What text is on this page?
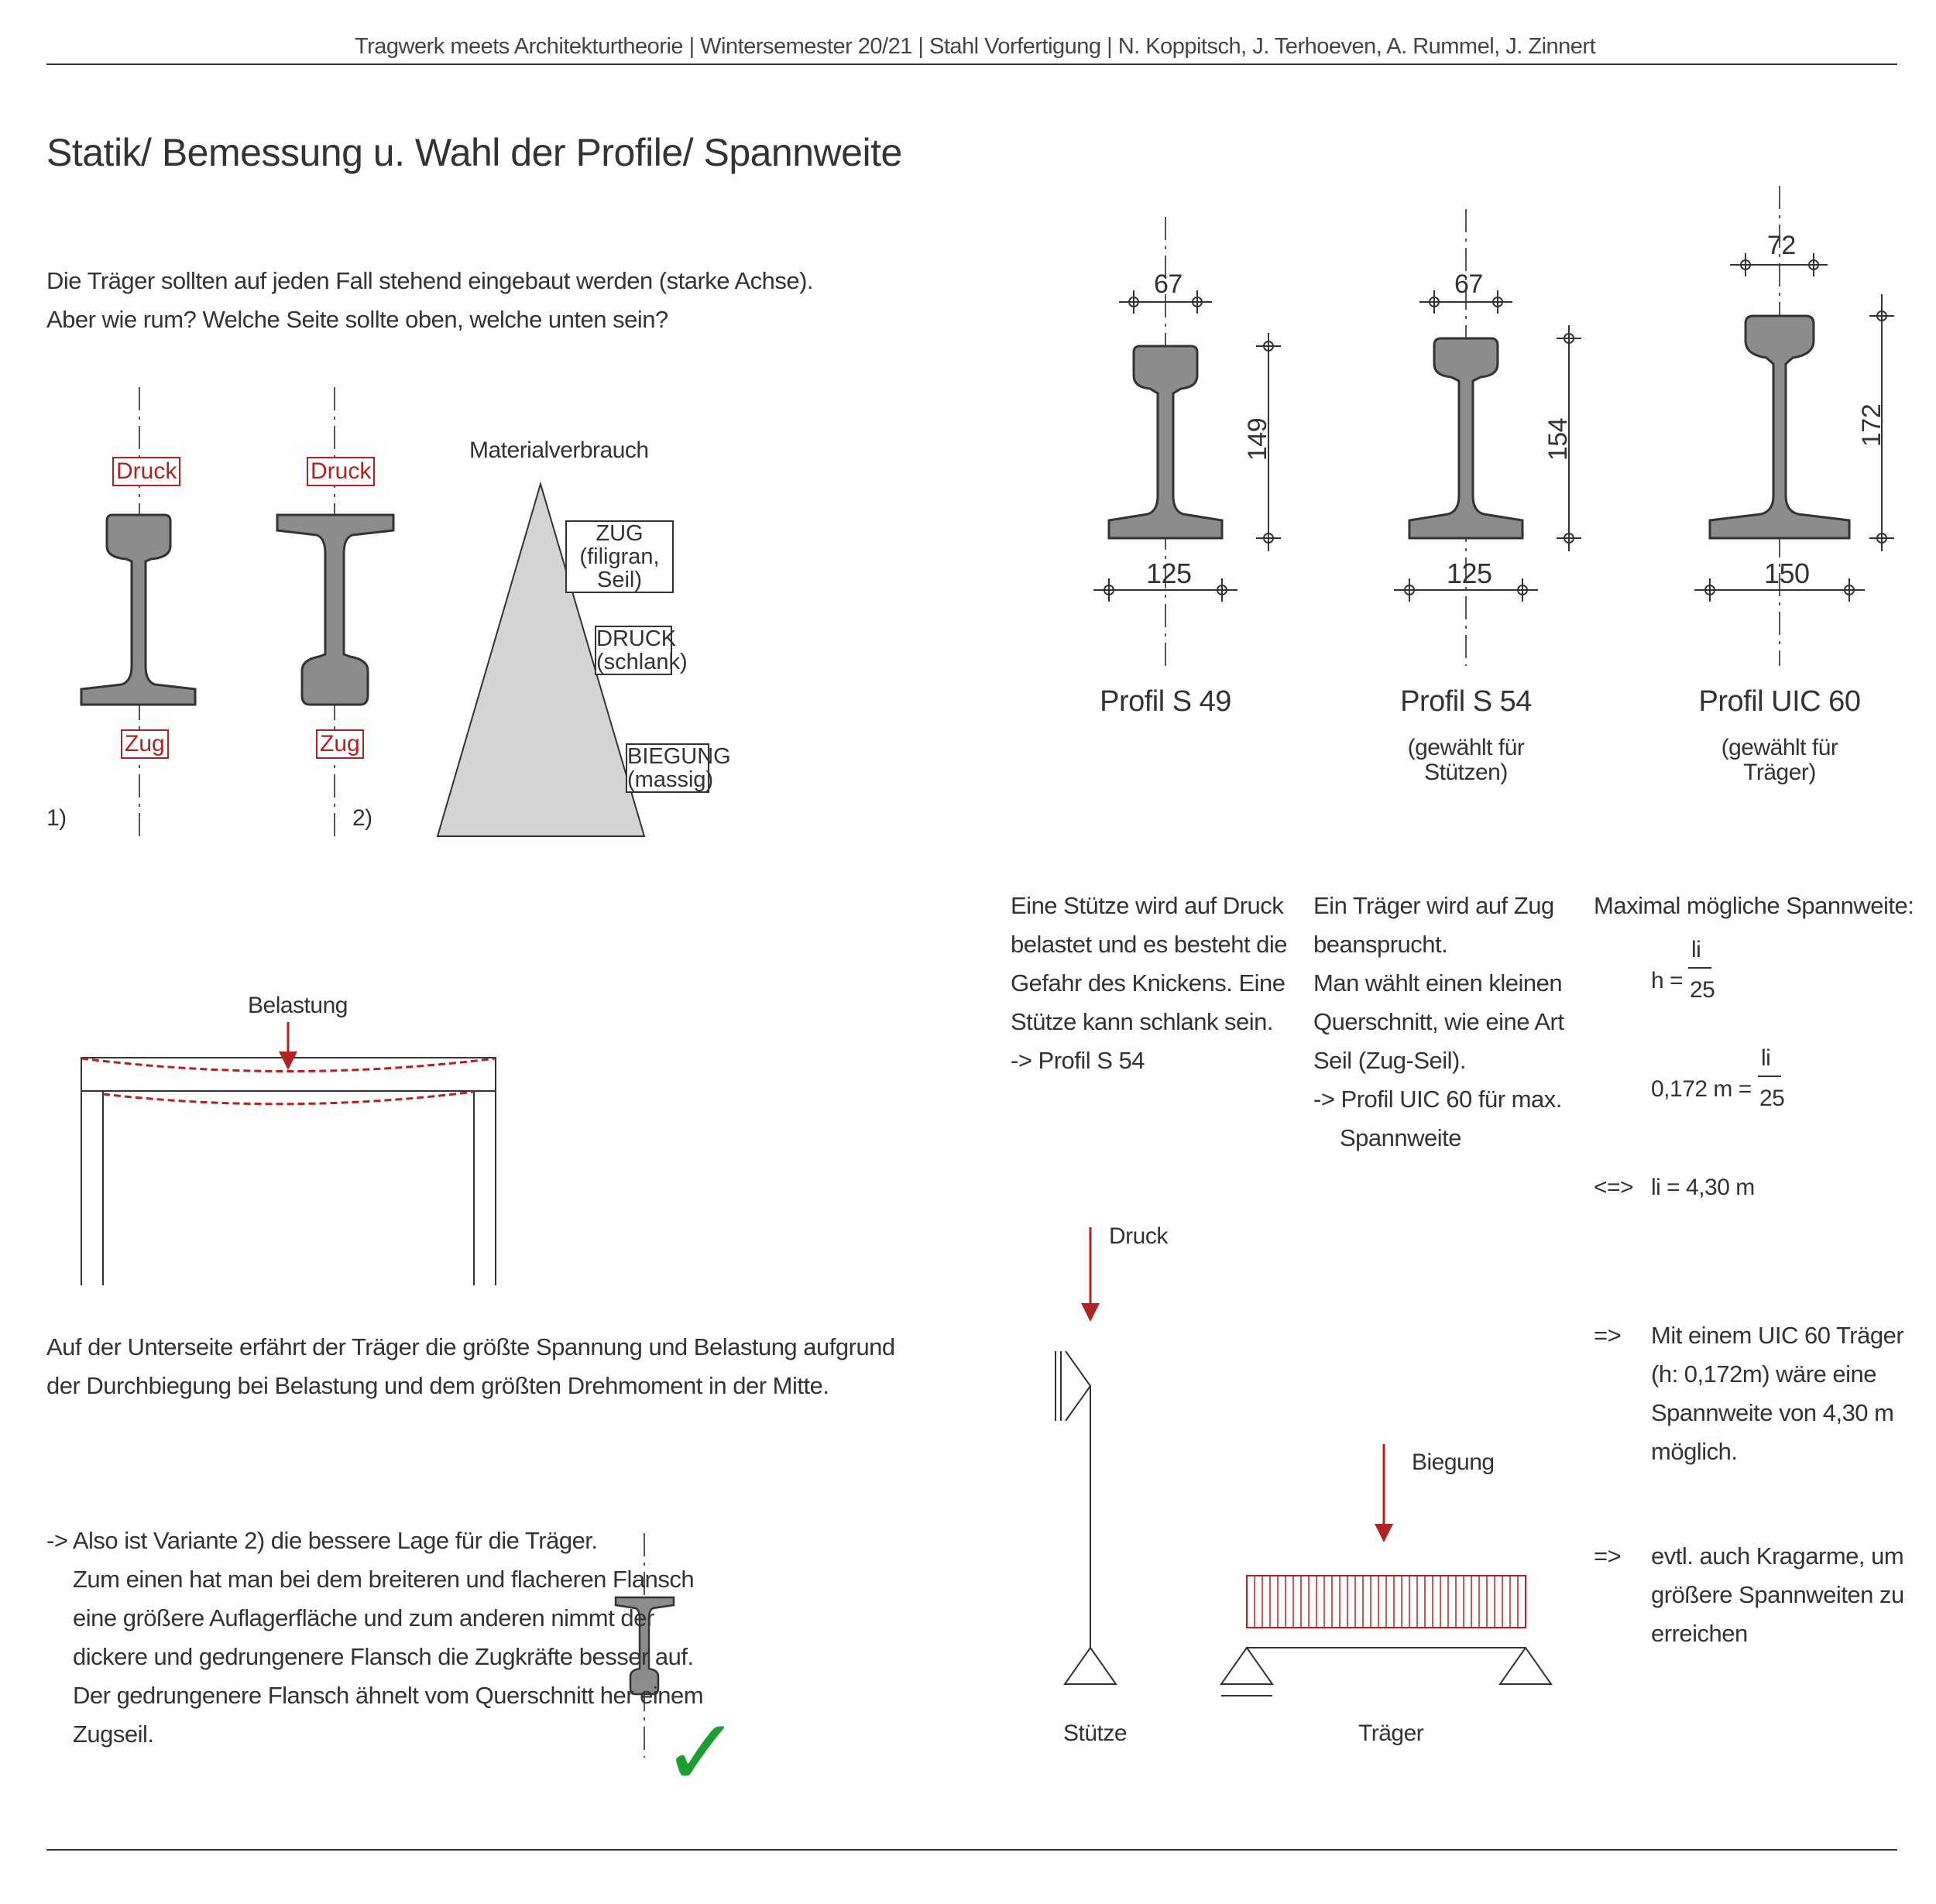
Tragwerk meets Architekturtheorie | Wintersemester 20/21 | Stahl Vorfertigung | N. Koppitsch, J. Terhoeven, A. Rummel, J. Zinnert
Statik/ Bemessung u. Wahl der Profile/ Spannweite
Die Träger sollten auf jeden Fall stehend eingebaut werden (starke Achse).
Aber wie rum? Welche Seite sollte oben, welche unten sein?
Druck	Druck
Zug	Zug
1)	2)
Materialverbrauch
ZUG
(filigran, Seil)
DRUCK
(schlank)
BIEGUNG
(massig)
Belastung
Auf der Unterseite erfährt der Träger die größte Spannung und Belastung aufgrund
der Durchbiegung bei Belastung und dem größten Drehmoment in der Mitte.
-> Also ist Variante 2) die bessere Lage für die Träger.
Zum einen hat man bei dem breiteren und flacheren Flansch
eine größere Auflagerfläche und zum anderen nimmt der
dickere und gedrungenere Flansch die Zugkräfte besser auf.
Der gedrungenere Flansch ähnelt vom Querschnitt her einem
Zugseil.	✓
67
149
125
Profil S 49
67
154
125
Profil S 54
(gewählt für
Stützen)
72
172
150
Profil UIC 60
(gewählt für
Träger)
Eine Stütze wird auf Druck
belastet und es besteht die
Gefahr des Knickens. Eine
Stütze kann schlank sein.
-> Profil S 54
Ein Träger wird auf Zug
beansprucht.
Man wählt einen kleinen
Querschnitt, wie eine Art
Seil (Zug-Seil).
-> Profil UIC 60 für max.
Spannweite
Maximal mögliche Spannweite:
li
h = 25
li
0,172 m = 25
<=> li = 4,30 m
=> Mit einem UIC 60 Träger
(h: 0,172m) wäre eine
Spannweite von 4,30 m
möglich.
=> evtl. auch Kragarme, um
größere Spannweiten zu
erreichen
Druck
Biegung
Stütze	Träger
